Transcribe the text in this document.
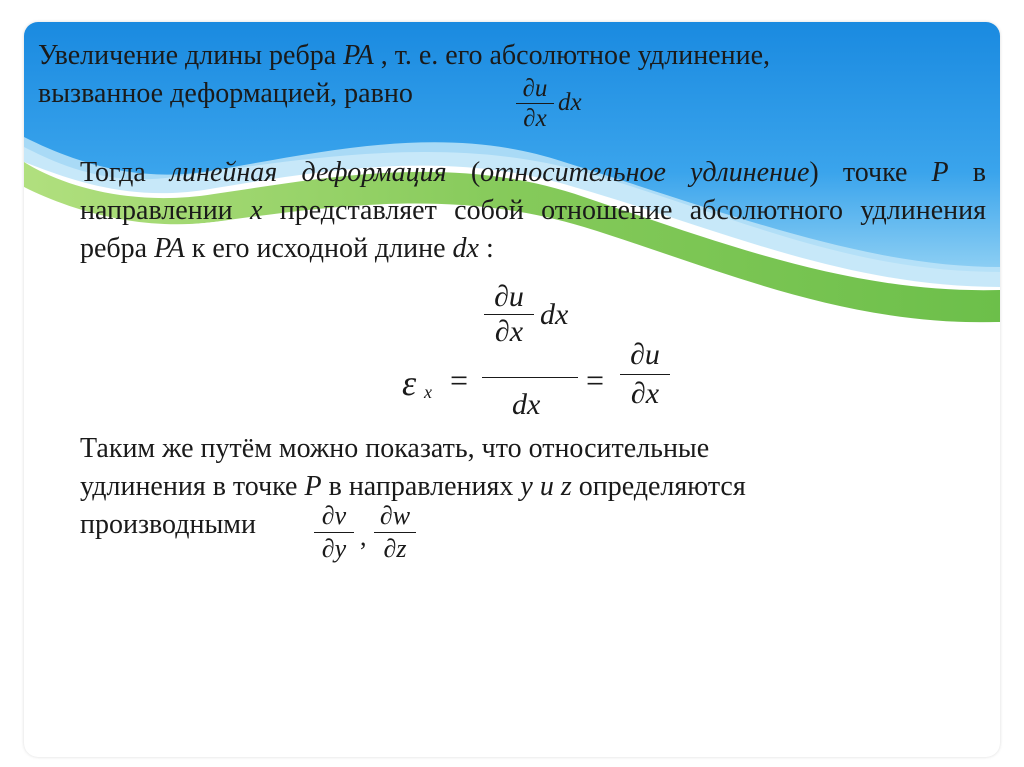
Увеличение длины ребра PA , т. е. его абсолютное удлинение,
вызванное деформацией, равно	∂u
∂x
dx
Тогда линейная деформация (относительное удлинение) точке P в направлении x представляет собой отношение абсолютного удлинения ребра PA к его исходной длине dx :
ε x =
∂u
∂x
dx
dx
=
∂u
∂x
Таким же путём можно показать, что относительные
удлинения в точке P в направлениях y и z определяются
производными	∂v
∂y ,
∂w
∂z
